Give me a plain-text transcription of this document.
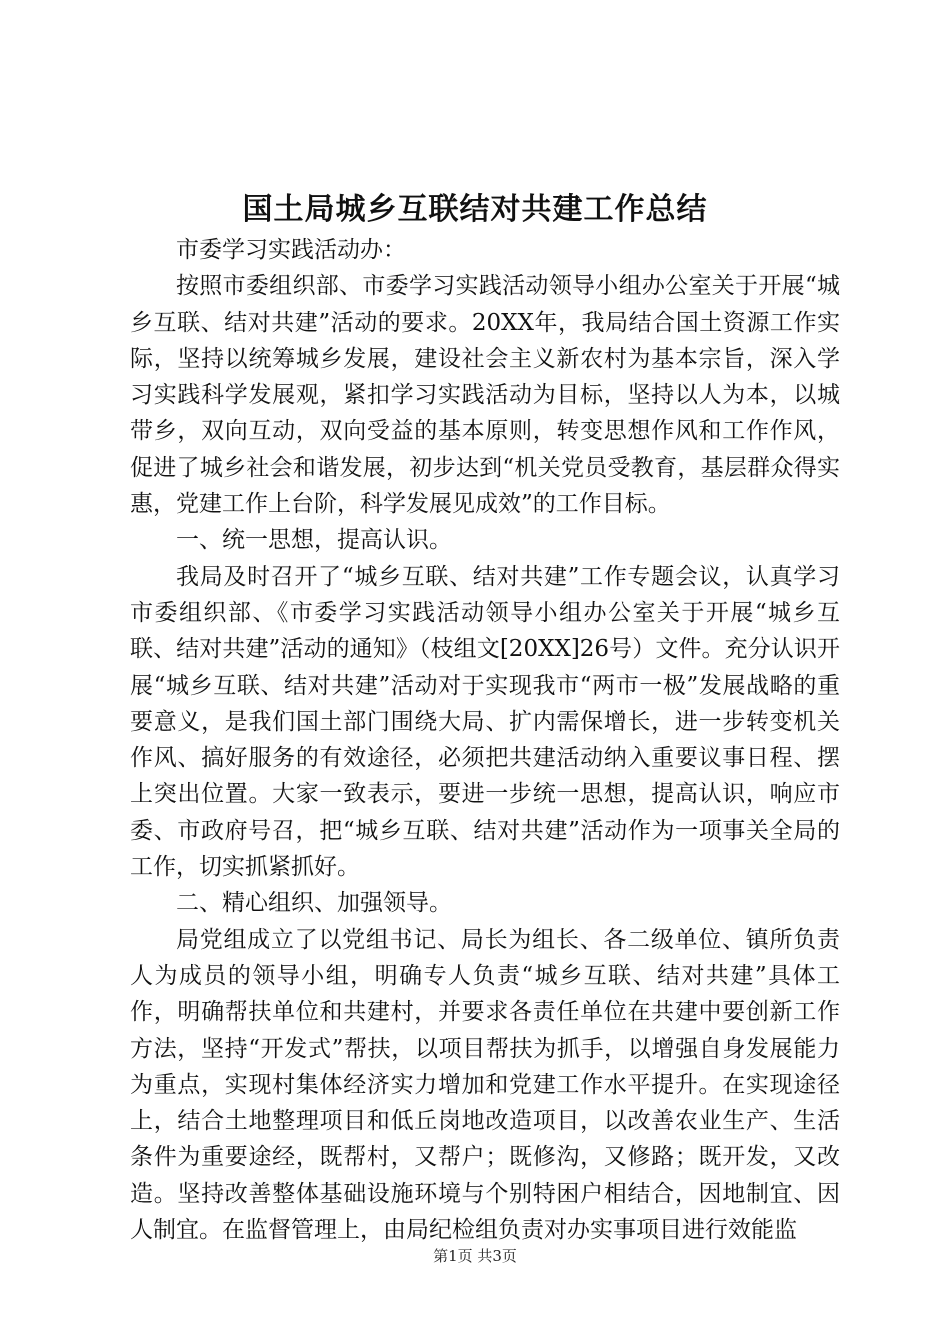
国土局城乡互联结对共建工作总结

市委学习实践活动办：

按照市委组织部、市委学习实践活动领导小组办公室关于开展“城乡互联、结对共建”活动的要求。20XX年，我局结合国土资源工作实际，坚持以统筹城乡发展，建设社会主义新农村为基本宗旨，深入学习实践科学发展观，紧扣学习实践活动为目标，坚持以人为本，以城带乡，双向互动，双向受益的基本原则，转变思想作风和工作作风，促进了城乡社会和谐发展，初步达到“机关党员受教育，基层群众得实惠，党建工作上台阶，科学发展见成效”的工作目标。

一、统一思想，提高认识。

我局及时召开了“城乡互联、结对共建”工作专题会议，认真学习市委组织部、《市委学习实践活动领导小组办公室关于开展“城乡互联、结对共建”活动的通知》（枝组文[20XX]26号）文件。充分认识开展“城乡互联、结对共建”活动对于实现我市“两市一极”发展战略的重要意义，是我们国土部门围绕大局、扩内需保增长，进一步转变机关作风、搞好服务的有效途径，必须把共建活动纳入重要议事日程、摆上突出位置。大家一致表示，要进一步统一思想，提高认识，响应市委、市政府号召，把“城乡互联、结对共建”活动作为一项事关全局的工作，切实抓紧抓好。

二、精心组织、加强领导。

局党组成立了以党组书记、局长为组长、各二级单位、镇所负责人为成员的领导小组，明确专人负责“城乡互联、结对共建”具体工作，明确帮扶单位和共建村，并要求各责任单位在共建中要创新工作方法，坚持“开发式”帮扶，以项目帮扶为抓手，以增强自身发展能力为重点，实现村集体经济实力增加和党建工作水平提升。在实现途径上，结合土地整理项目和低丘岗地改造项目，以改善农业生产、生活条件为重要途经，既帮村，又帮户；既修沟，又修路；既开发，又改造。坚持改善整体基础设施环境与个别特困户相结合，因地制宜、因人制宜。在监督管理上，由局纪检组负责对办实事项目进行效能监

第1页 共3页
